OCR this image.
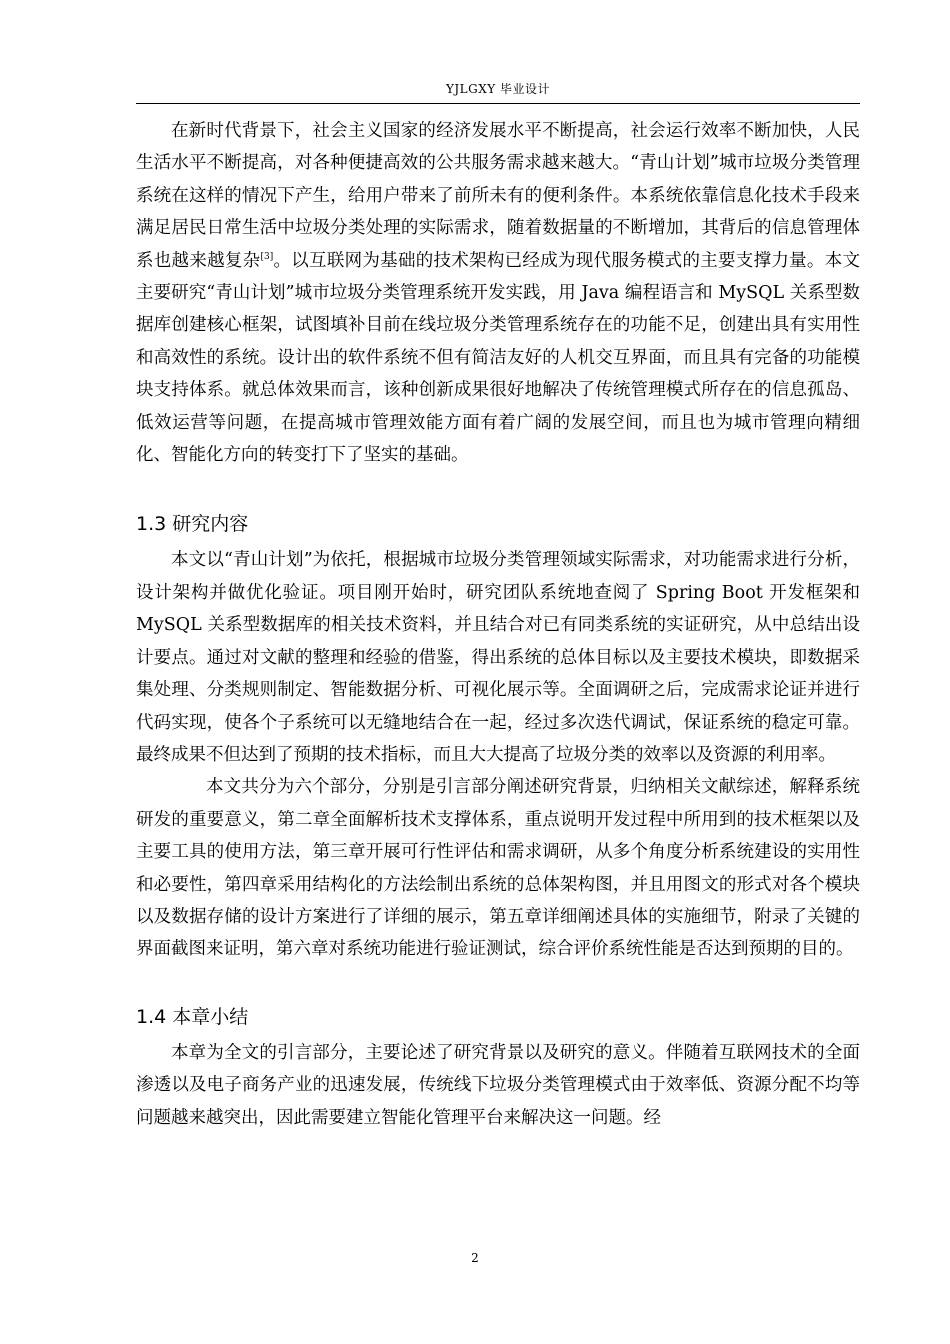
YJLGXY 毕业设计

在新时代背景下，社会主义国家的经济发展水平不断提高，社会运行效率不断加快，人民生活水平不断提高，对各种便捷高效的公共服务需求越来越大。“青山计划”城市垃圾分类管理系统在这样的情况下产生，给用户带来了前所未有的便利条件。本系统依靠信息化技术手段来满足居民日常生活中垃圾分类处理的实际需求，随着数据量的不断增加，其背后的信息管理体系也越来越复杂[3]。以互联网为基础的技术架构已经成为现代服务模式的主要支撑力量。本文主要研究“青山计划”城市垃圾分类管理系统开发实践，用 Java 编程语言和 MySQL 关系型数据库创建核心框架，试图填补目前在线垃圾分类管理系统存在的功能不足，创建出具有实用性和高效性的系统。设计出的软件系统不但有简洁友好的人机交互界面，而且具有完备的功能模块支持体系。就总体效果而言，该种创新成果很好地解决了传统管理模式所存在的信息孤岛、低效运营等问题，在提高城市管理效能方面有着广阔的发展空间，而且也为城市管理向精细化、智能化方向的转变打下了坚实的基础。

1.3 研究内容

本文以“青山计划”为依托，根据城市垃圾分类管理领域实际需求，对功能需求进行分析，设计架构并做优化验证。项目刚开始时，研究团队系统地查阅了 Spring Boot 开发框架和 MySQL 关系型数据库的相关技术资料，并且结合对已有同类系统的实证研究，从中总结出设计要点。通过对文献的整理和经验的借鉴，得出系统的总体目标以及主要技术模块，即数据采集处理、分类规则制定、智能数据分析、可视化展示等。全面调研之后，完成需求论证并进行代码实现，使各个子系统可以无缝地结合在一起，经过多次迭代调试，保证系统的稳定可靠。最终成果不但达到了预期的技术指标，而且大大提高了垃圾分类的效率以及资源的利用率。

本文共分为六个部分，分别是引言部分阐述研究背景，归纳相关文献综述，解释系统研发的重要意义，第二章全面解析技术支撑体系，重点说明开发过程中所用到的技术框架以及主要工具的使用方法，第三章开展可行性评估和需求调研，从多个角度分析系统建设的实用性和必要性，第四章采用结构化的方法绘制出系统的总体架构图，并且用图文的形式对各个模块以及数据存储的设计方案进行了详细的展示，第五章详细阐述具体的实施细节，附录了关键的界面截图来证明，第六章对系统功能进行验证测试，综合评价系统性能是否达到预期的目的。

1.4 本章小结

本章为全文的引言部分，主要论述了研究背景以及研究的意义。伴随着互联网技术的全面渗透以及电子商务产业的迅速发展，传统线下垃圾分类管理模式由于效率低、资源分配不均等问题越来越突出，因此需要建立智能化管理平台来解决这一问题。经

2
